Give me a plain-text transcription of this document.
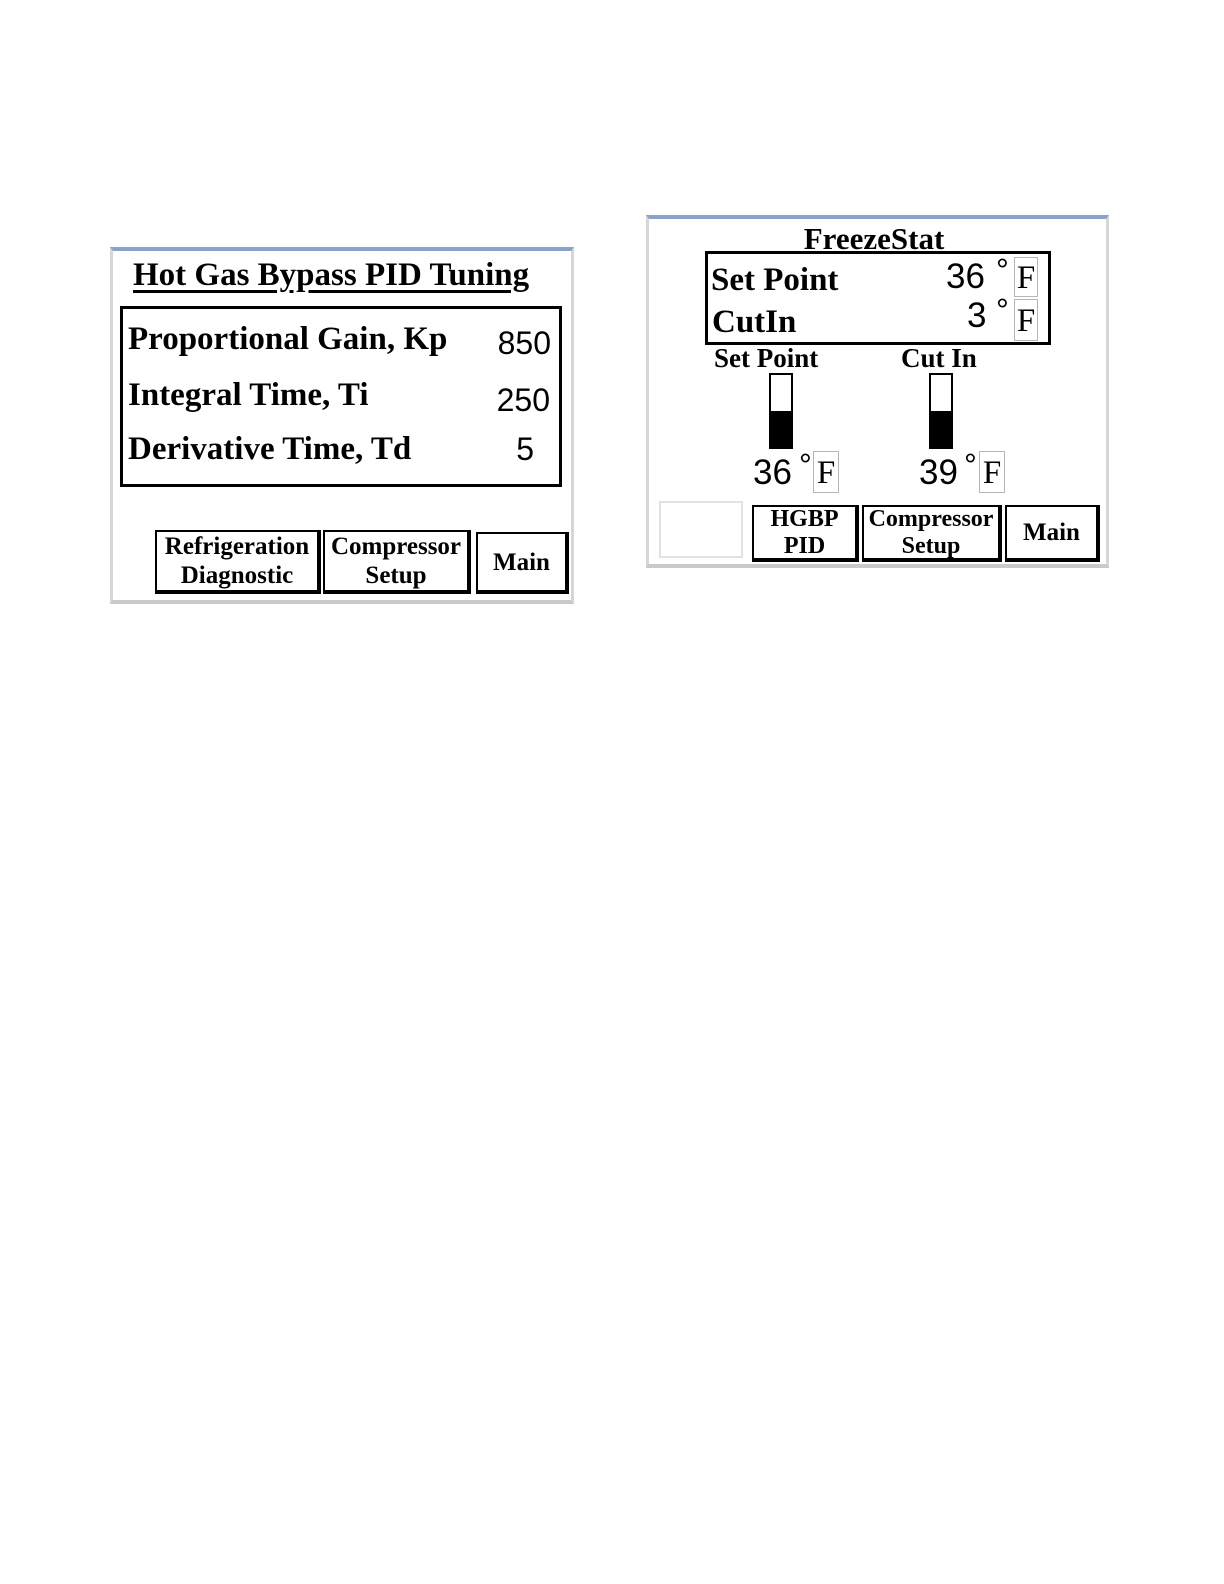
Hot Gas Bypass PID Tuning
Proportional Gain, Kp 850
Integral Time, Ti	250
Derivative Time, Td	5
Refrigeration
Diagnostic
Compressor
Setup	Main
FreezeStat
Set Point	36 ° F
CutIn	3 ° F
Set Point
36 ° F
Cut In
39 ° F
HGBP
PID
Compressor
Setup	Main
